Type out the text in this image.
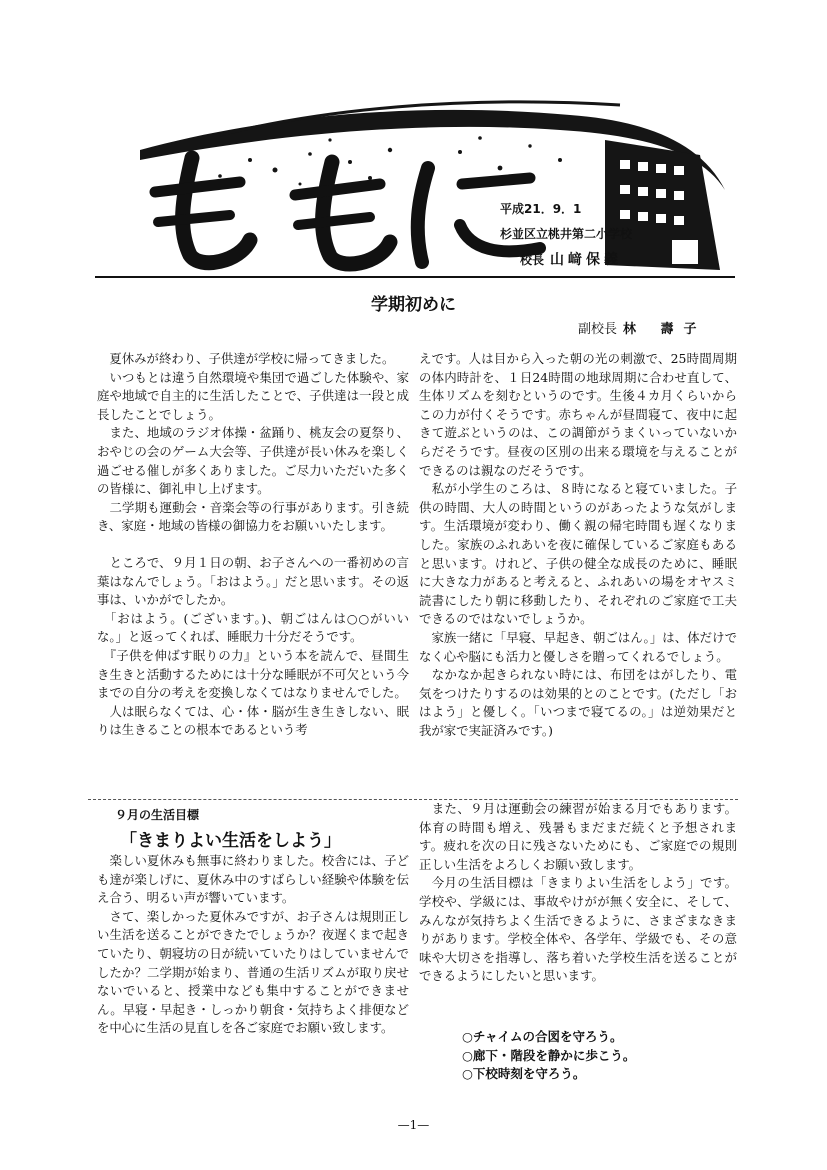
平成21．9．1
杉並区立桃井第二小学校
校長 山﨑保義
学期初めに
副校長 林 壽子

　夏休みが終わり、子供達が学校に帰ってきました。

　いつもとは違う自然環境や集団で過ごした体験や、家庭や地域で自主的に生活したことで、子供達は一段と成長したことでしょう。

　また、地域のラジオ体操・盆踊り、桃友会の夏祭り、おやじの会のゲーム大会等、子供達が長い休みを楽しく過ごせる催しが多くありました。ご尽力いただいた多くの皆様に、御礼申し上げます。

　二学期も運動会・音楽会等の行事があります。引き続き、家庭・地域の皆様の御協力をお願いいたします。

　ところで、９月１日の朝、お子さんへの一番初めの言葉はなんでしょう。「おはよう。」だと思います。その返事は、いかがでしたか。

　「おはよう。(ございます。)、朝ごはんは○○がいいな。」と返ってくれば、睡眠力十分だそうです。

　『子供を伸ばす眠りの力』という本を読んで、昼間生き生きと活動するためには十分な睡眠が不可欠という今までの自分の考えを変換しなくてはなりませんでした。

　人は眠らなくては、心・体・脳が生き生きしない、眠りは生きることの根本であるという考

えです。人は目から入った朝の光の刺激で、25時間周期の体内時計を、１日24時間の地球周期に合わせ直して、生体リズムを刻むというのです。生後４カ月くらいからこの力が付くそうです。赤ちゃんが昼間寝て、夜中に起きて遊ぶというのは、この調節がうまくいっていないからだそうです。昼夜の区別の出来る環境を与えることができるのは親なのだそうです。

　私が小学生のころは、８時になると寝ていました。子供の時間、大人の時間というのがあったような気がします。生活環境が変わり、働く親の帰宅時間も遅くなりました。家族のふれあいを夜に確保しているご家庭もあると思います。けれど、子供の健全な成長のために、睡眠に大きな力があると考えると、ふれあいの場をオヤスミ読書にしたり朝に移動したり、それぞれのご家庭で工夫できるのではないでしょうか。

　家族一緒に「早寝、早起き、朝ごはん。」は、体だけでなく心や脳にも活力と優しさを贈ってくれるでしょう。

　なかなか起きられない時には、布団をはがしたり、電気をつけたりするのは効果的とのことです。(ただし「おはよう」と優しく。「いつまで寝てるの。」は逆効果だと我が家で実証済みです。)

９月の生活目標
「きまりよい生活をしよう」

　楽しい夏休みも無事に終わりました。校舎には、子ども達が楽しげに、夏休み中のすばらしい経験や体験を伝え合う、明るい声が響いています。

　さて、楽しかった夏休みですが、お子さんは規則正しい生活を送ることができたでしょうか？夜遅くまで起きていたり、朝寝坊の日が続いていたりはしていませんでしたか？二学期が始まり、普通の生活リズムが取り戻せないでいると、授業中なども集中することができません。早寝・早起き・しっかり朝食・気持ちよく排便などを中心に生活の見直しを各ご家庭でお願い致します。

　また、９月は運動会の練習が始まる月でもあります。体育の時間も増え、残暑もまだまだ続くと予想されます。疲れを次の日に残さないためにも、ご家庭での規則正しい生活をよろしくお願い致します。

　今月の生活目標は「きまりよい生活をしよう」です。学校や、学級には、事故やけがが無く安全に、そして、みんなが気持ちよく生活できるように、さまざまなきまりがあります。学校全体や、各学年、学級でも、その意味や大切さを指導し、落ち着いた学校生活を送ることができるようにしたいと思います。

○チャイムの合図を守ろう。
○廊下・階段を静かに歩こう。
○下校時刻を守ろう。
—1—
